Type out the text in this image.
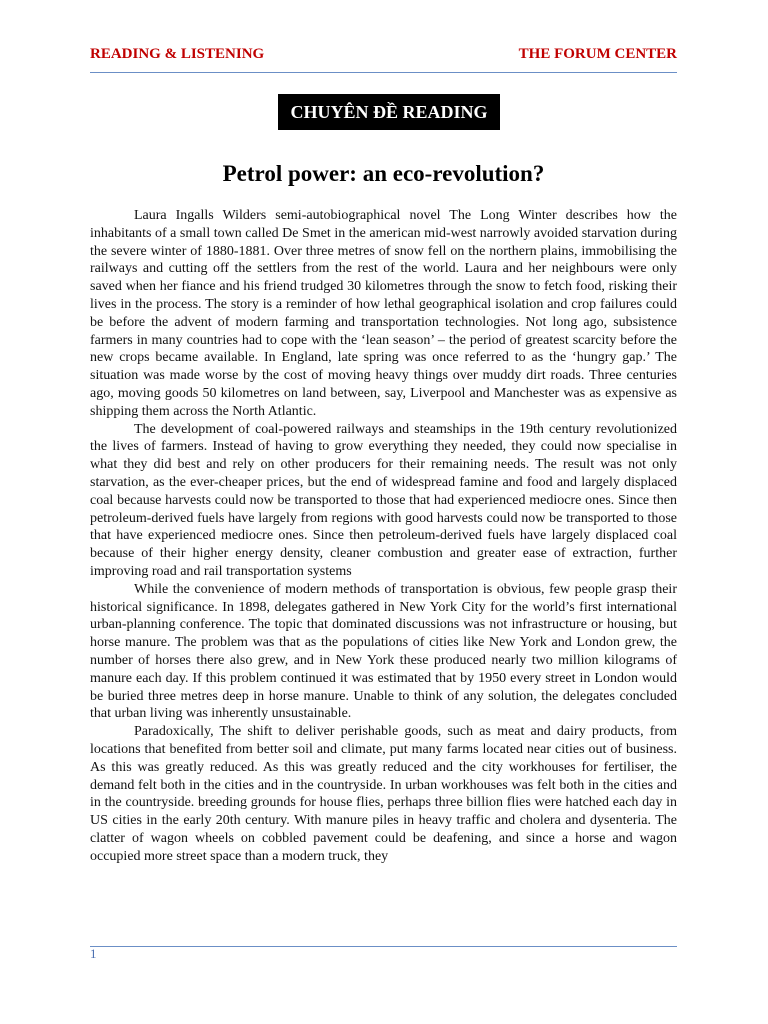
READING & LISTENING	THE FORUM CENTER
CHUYÊN ĐỀ READING
Petrol power: an eco-revolution?

Laura Ingalls Wilders semi-autobiographical novel The Long Winter describes how the inhabitants of a small town called De Smet in the american mid-west narrowly avoided starvation during the severe winter of 1880-1881. Over three metres of snow fell on the northern plains, immobilising the railways and cutting off the settlers from the rest of the world. Laura and her neighbours were only saved when her fiance and his friend trudged 30 kilometres through the snow to fetch food, risking their lives in the process. The story is a reminder of how lethal geographical isolation and crop failures could be before the advent of modern farming and transportation technologies. Not long ago, subsistence farmers in many countries had to cope with the ‘lean season’ – the period of greatest scarcity before the new crops became available. In England, late spring was once referred to as the ‘hungry gap.’ The situation was made worse by the cost of moving heavy things over muddy dirt roads. Three centuries ago, moving goods 50 kilometres on land between, say, Liverpool and Manchester was as expensive as shipping them across the North Atlantic.

The development of coal-powered railways and steamships in the 19th century revolutionized the lives of farmers. Instead of having to grow everything they needed, they could now specialise in what they did best and rely on other producers for their remaining needs. The result was not only starvation, as the ever-cheaper prices, but the end of widespread famine and food and largely displaced coal because harvests could now be transported to those that had experienced mediocre ones. Since then petroleum-derived fuels have largely from regions with good harvests could now be transported to those that have experienced mediocre ones. Since then petroleum-derived fuels have largely displaced coal because of their higher energy density, cleaner combustion and greater ease of extraction, further improving road and rail transportation systems

While the convenience of modern methods of transportation is obvious, few people grasp their historical significance. In 1898, delegates gathered in New York City for the world’s first international urban-planning conference. The topic that dominated discussions was not infrastructure or housing, but horse manure. The problem was that as the populations of cities like New York and London grew, the number of horses there also grew, and in New York these produced nearly two million kilograms of manure each day. If this problem continued it was estimated that by 1950 every street in London would be buried three metres deep in horse manure. Unable to think of any solution, the delegates concluded that urban living was inherently unsustainable.

Paradoxically, The shift to deliver perishable goods, such as meat and dairy products, from locations that benefited from better soil and climate, put many farms located near cities out of business. As this was greatly reduced. As this was greatly reduced and the city workhouses for fertiliser, the demand felt both in the cities and in the countryside. In urban workhouses was felt both in the cities and in the countryside. breeding grounds for house flies, perhaps three billion flies were hatched each day in US cities in the early 20th century. With manure piles in heavy traffic and cholera and dysenteria. The clatter of wagon wheels on cobbled pavement could be deafening, and since a horse and wagon occupied more street space than a modern truck, they

1
